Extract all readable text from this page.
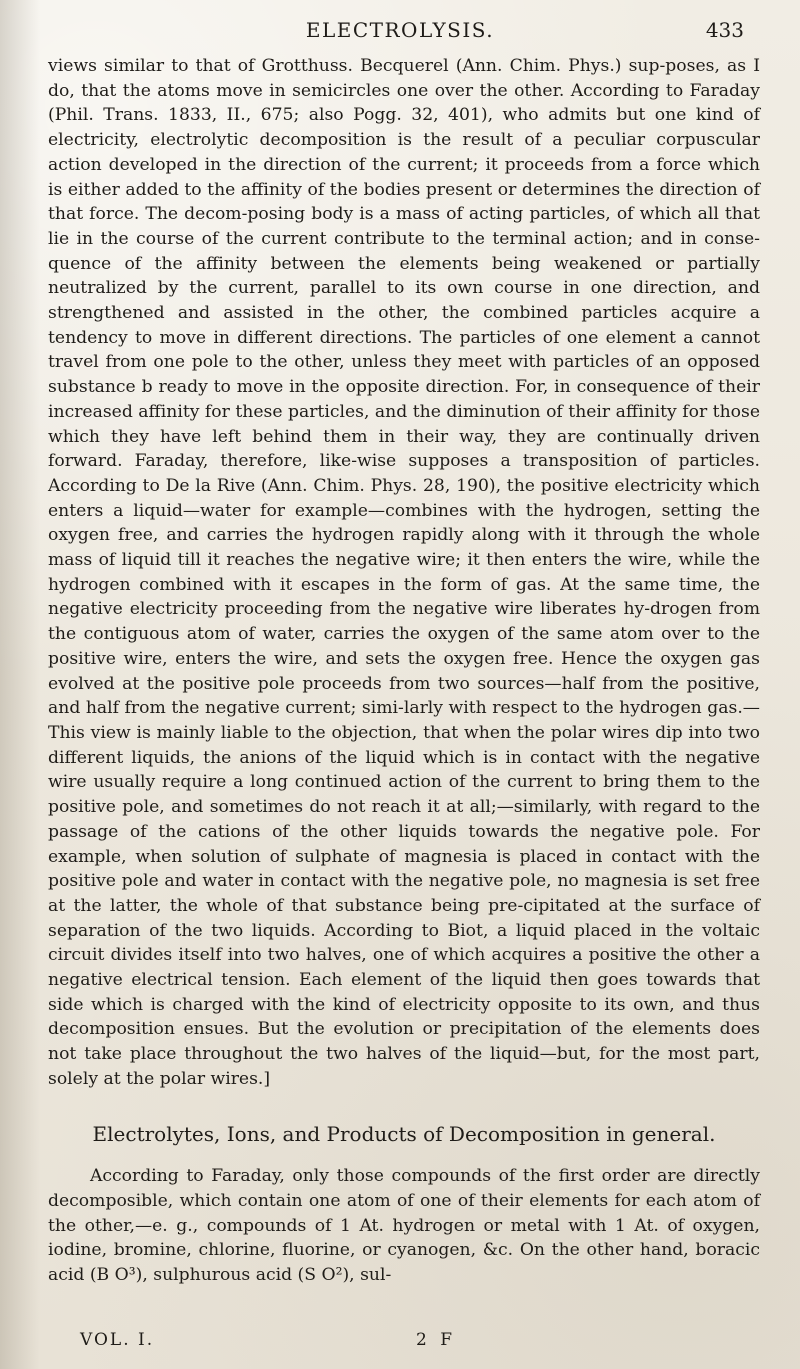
ELECTROLYSIS.	433

views similar to that of Grotthuss. Becquerel (Ann. Chim. Phys.) sup-poses, as I do, that the atoms move in semicircles one over the other. According to Faraday (Phil. Trans. 1833, II., 675; also Pogg. 32, 401), who admits but one kind of electricity, electrolytic decomposition is the result of a peculiar corpuscular action developed in the direction of the current; it proceeds from a force which is either added to the affinity of the bodies present or determines the direction of that force. The decom-posing body is a mass of acting particles, of which all that lie in the course of the current contribute to the terminal action; and in conse-quence of the affinity between the elements being weakened or partially neutralized by the current, parallel to its own course in one direction, and strengthened and assisted in the other, the combined particles acquire a tendency to move in different directions. The particles of one element a cannot travel from one pole to the other, unless they meet with particles of an opposed substance b ready to move in the opposite direction. For, in consequence of their increased affinity for these particles, and the diminution of their affinity for those which they have left behind them in their way, they are continually driven forward. Faraday, therefore, like-wise supposes a transposition of particles. According to De la Rive (Ann. Chim. Phys. 28, 190), the positive electricity which enters a liquid—water for example—combines with the hydrogen, setting the oxygen free, and carries the hydrogen rapidly along with it through the whole mass of liquid till it reaches the negative wire; it then enters the wire, while the hydrogen combined with it escapes in the form of gas. At the same time, the negative electricity proceeding from the negative wire liberates hy-drogen from the contiguous atom of water, carries the oxygen of the same atom over to the positive wire, enters the wire, and sets the oxygen free. Hence the oxygen gas evolved at the positive pole proceeds from two sources—half from the positive, and half from the negative current; simi-larly with respect to the hydrogen gas.—This view is mainly liable to the objection, that when the polar wires dip into two different liquids, the anions of the liquid which is in contact with the negative wire usually require a long continued action of the current to bring them to the positive pole, and sometimes do not reach it at all;—similarly, with regard to the passage of the cations of the other liquids towards the negative pole. For example, when solution of sulphate of magnesia is placed in contact with the positive pole and water in contact with the negative pole, no magnesia is set free at the latter, the whole of that substance being pre-cipitated at the surface of separation of the two liquids. According to Biot, a liquid placed in the voltaic circuit divides itself into two halves, one of which acquires a positive the other a negative electrical tension. Each element of the liquid then goes towards that side which is charged with the kind of electricity opposite to its own, and thus decomposition ensues. But the evolution or precipitation of the elements does not take place throughout the two halves of the liquid—but, for the most part, solely at the polar wires.]

Electrolytes, Ions, and Products of Decomposition in general.

According to Faraday, only those compounds of the first order are directly decomposible, which contain one atom of one of their elements for each atom of the other,—e. g., compounds of 1 At. hydrogen or metal with 1 At. of oxygen, iodine, bromine, chlorine, fluorine, or cyanogen, &c. On the other hand, boracic acid (B O³), sulphurous acid (S O²), sul-

VOL. I.	2 F
